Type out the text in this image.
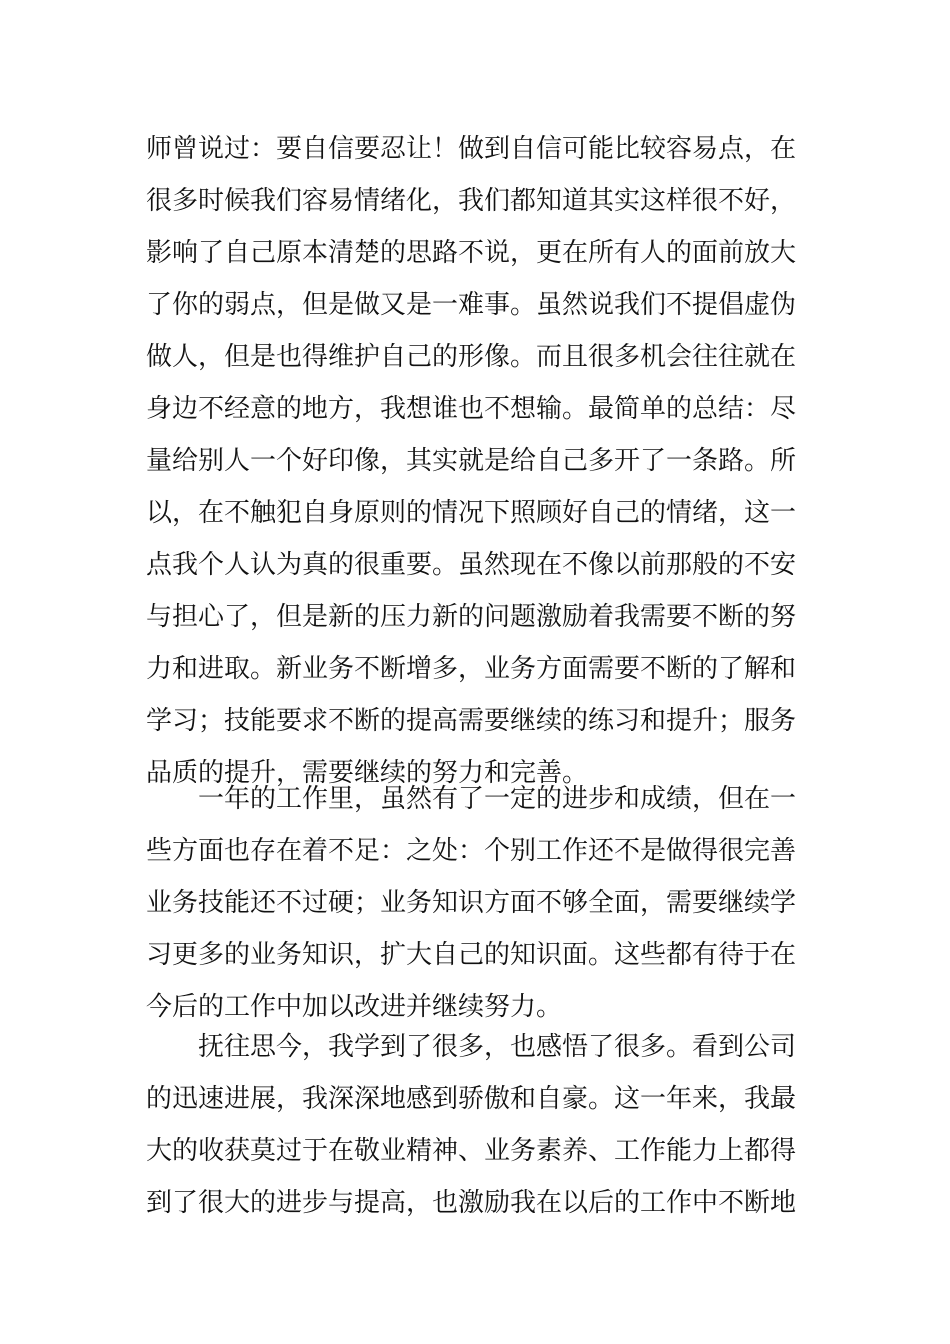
师曾说过：要自信要忍让！做到自信可能比较容易点，在
很多时候我们容易情绪化，我们都知道其实这样很不好，
影响了自己原本清楚的思路不说，更在所有人的面前放大
了你的弱点，但是做又是一难事。虽然说我们不提倡虚伪
做人，但是也得维护自己的形像。而且很多机会往往就在
身边不经意的地方，我想谁也不想输。最简单的总结：尽
量给别人一个好印像，其实就是给自己多开了一条路。所
以，在不触犯自身原则的情况下照顾好自己的情绪，这一
点我个人认为真的很重要。虽然现在不像以前那般的不安
与担心了，但是新的压力新的问题激励着我需要不断的努
力和进取。新业务不断增多，业务方面需要不断的了解和
学习；技能要求不断的提高需要继续的练习和提升；服务
品质的提升，需要继续的努力和完善。
一年的工作里，虽然有了一定的进步和成绩，但在一
些方面也存在着不足：之处：个别工作还不是做得很完善
业务技能还不过硬；业务知识方面不够全面，需要继续学
习更多的业务知识，扩大自己的知识面。这些都有待于在
今后的工作中加以改进并继续努力。
抚往思今，我学到了很多，也感悟了很多。看到公司
的迅速进展，我深深地感到骄傲和自豪。这一年来，我最
大的收获莫过于在敬业精神、业务素养、工作能力上都得
到了很大的进步与提高，也激励我在以后的工作中不断地
